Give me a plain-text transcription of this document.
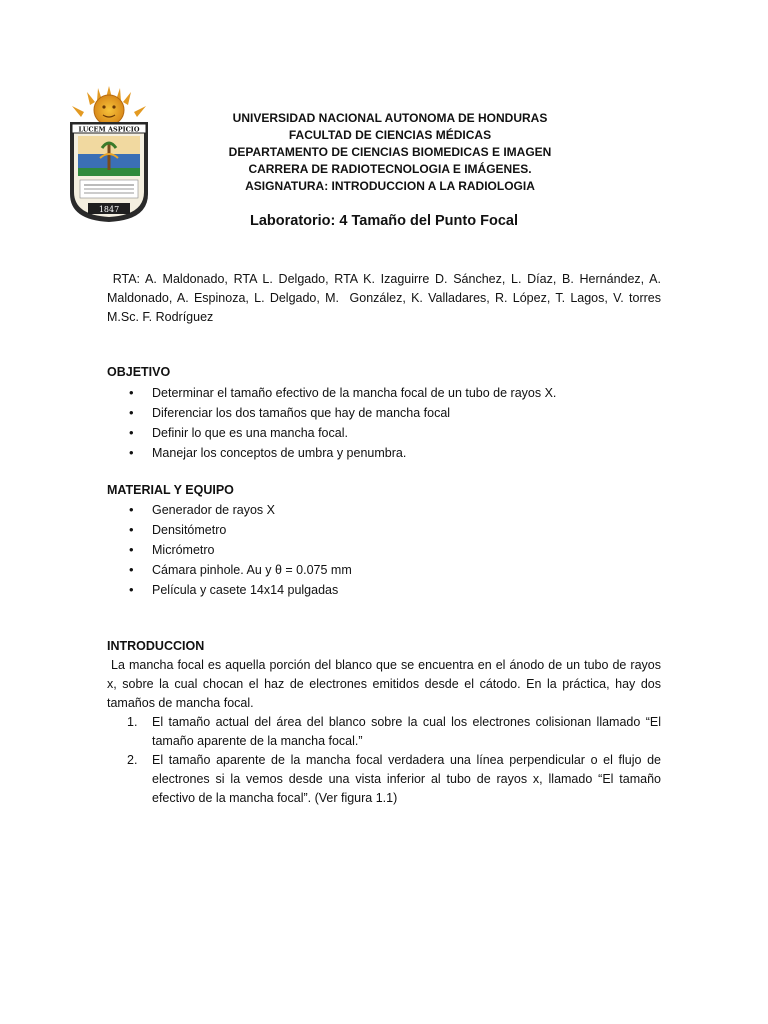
LUCEM ASPICIO
1847
UNIVERSIDAD NACIONAL AUTONOMA DE HONDURAS
FACULTAD DE CIENCIAS MÉDICAS
DEPARTAMENTO DE CIENCIAS BIOMEDICAS E IMAGEN
CARRERA DE RADIOTECNOLOGIA E IMÁGENES.
ASIGNATURA: INTRODUCCION A LA RADIOLOGIA
Laboratorio: 4 Tamaño del Punto Focal
RTA: A. Maldonado, RTA L. Delgado, RTA K. Izaguirre D. Sánchez, L. Díaz, B. Hernández, A. Maldonado, A. Espinoza, L. Delgado, M.  González, K. Valladares, R. López, T. Lagos, V. torres M.Sc. F. Rodríguez
OBJETIVO
• Determinar el tamaño efectivo de la mancha focal de un tubo de rayos X.
• Diferenciar los dos tamaños que hay de mancha focal
• Definir lo que es una mancha focal.
• Manejar los conceptos de umbra y penumbra.
MATERIAL Y EQUIPO
• Generador de rayos X
• Densitómetro
• Micrómetro
• Cámara pinhole. Au y θ = 0.075 mm
• Película y casete 14x14 pulgadas
INTRODUCCION
La mancha focal es aquella porción del blanco que se encuentra en el ánodo de un tubo de rayos x, sobre la cual chocan el haz de electrones emitidos desde el cátodo. En la práctica, hay dos tamaños de mancha focal.
1. El tamaño actual del área del blanco sobre la cual los electrones colisionan llamado “El tamaño aparente de la mancha focal.”
2. El tamaño aparente de la mancha focal verdadera una línea perpendicular o el flujo de electrones si la vemos desde una vista inferior al tubo de rayos x, llamado “El tamaño efectivo de la mancha focal”. (Ver figura 1.1)
